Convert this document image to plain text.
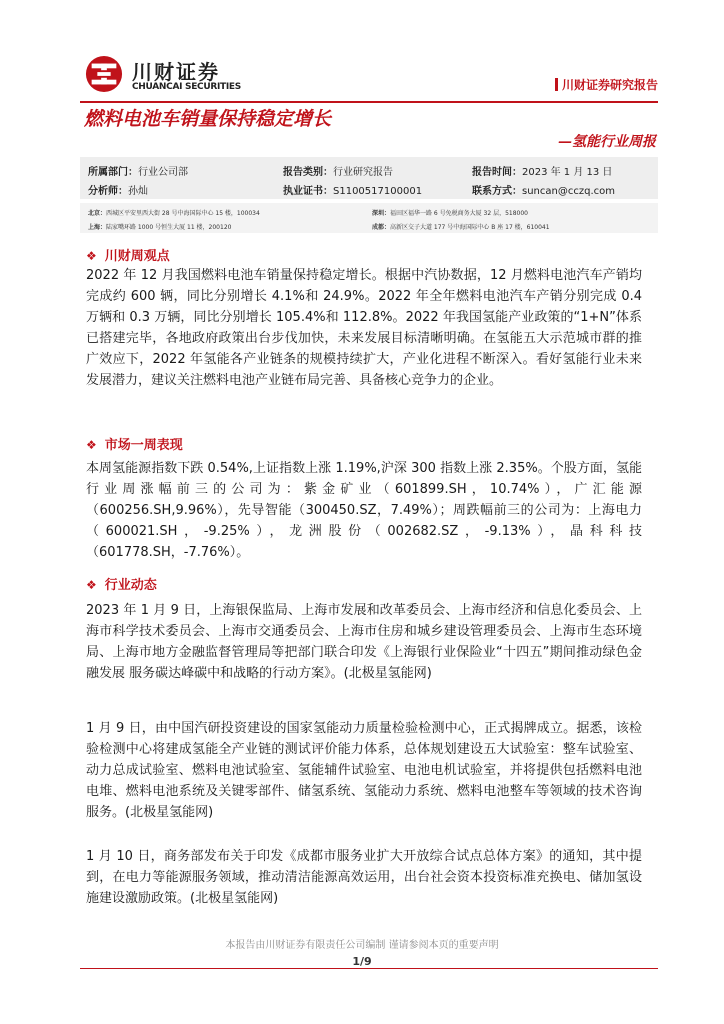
川财证券
CHUANCAI SECURITIES	川财证券研究报告
燃料电池车销量保持稳定增长
—氢能行业周报
所属部门：行业公司部	报告类别：行业研究报告	报告时间：2023 年 1 月 13 日
分析师：孙灿	执业证书：S1100517100001	联系方式：suncan@cczq.com
北京：西城区平安里西大街 28 号中海国际中心 15 楼，100034	深圳：福田区福华一路 6 号免税商务大厦 32 层，518000
上海：陆家嘴环路 1000 号恒生大厦 11 楼，200120	成都：高新区交子大道 177 号中海国际中心 B 座 17 楼，610041
❖ 川财周观点
2022 年 12 月我国燃料电池车销量保持稳定增长。根据中汽协数据，12 月燃料电池汽车产销均完成约 600 辆，同比分别增长 4.1%和 24.9%。2022 年全年燃料电池汽车产销分别完成 0.4 万辆和 0.3 万辆，同比分别增长 105.4%和 112.8%。2022 年我国氢能产业政策的“1+N”体系已搭建完毕，各地政府政策出台步伐加快，未来发展目标清晰明确。在氢能五大示范城市群的推广效应下，2022 年氢能各产业链条的规模持续扩大，产业化进程不断深入。看好氢能行业未来发展潜力，建议关注燃料电池产业链布局完善、具备核心竞争力的企业。
❖ 市场一周表现
本周氢能源指数下跌 0.54%,上证指数上涨 1.19%,沪深 300 指数上涨 2.35%。个股方面，氢能行业周涨幅前三的公司为：紫金矿业（601899.SH，10.74%），广汇能源（600256.SH,9.96%），先导智能（300450.SZ，7.49%）；周跌幅前三的公司为：上海电力（600021.SH，-9.25%），龙洲股份（002682.SZ，-9.13%），晶科科技（601778.SH，-7.76%）。
❖ 行业动态
2023 年 1 月 9 日，上海银保监局、上海市发展和改革委员会、上海市经济和信息化委员会、上海市科学技术委员会、上海市交通委员会、上海市住房和城乡建设管理委员会、上海市生态环境局、上海市地方金融监督管理局等把部门联合印发《上海银行业保险业“十四五”期间推动绿色金融发展 服务碳达峰碳中和战略的行动方案》。(北极星氢能网)
1 月 9 日，由中国汽研投资建设的国家氢能动力质量检验检测中心，正式揭牌成立。据悉，该检验检测中心将建成氢能全产业链的测试评价能力体系，总体规划建设五大试验室：整车试验室、动力总成试验室、燃料电池试验室、氢能辅件试验室、电池电机试验室，并将提供包括燃料电池电堆、燃料电池系统及关键零部件、储氢系统、氢能动力系统、燃料电池整车等领域的技术咨询服务。(北极星氢能网)
1 月 10 日，商务部发布关于印发《成都市服务业扩大开放综合试点总体方案》的通知，其中提到，在电力等能源服务领域，推动清洁能源高效运用，出台社会资本投资标准充换电、储加氢设施建设激励政策。(北极星氢能网)
本报告由川财证券有限责任公司编制 谨请参阅本页的重要声明
1/9
